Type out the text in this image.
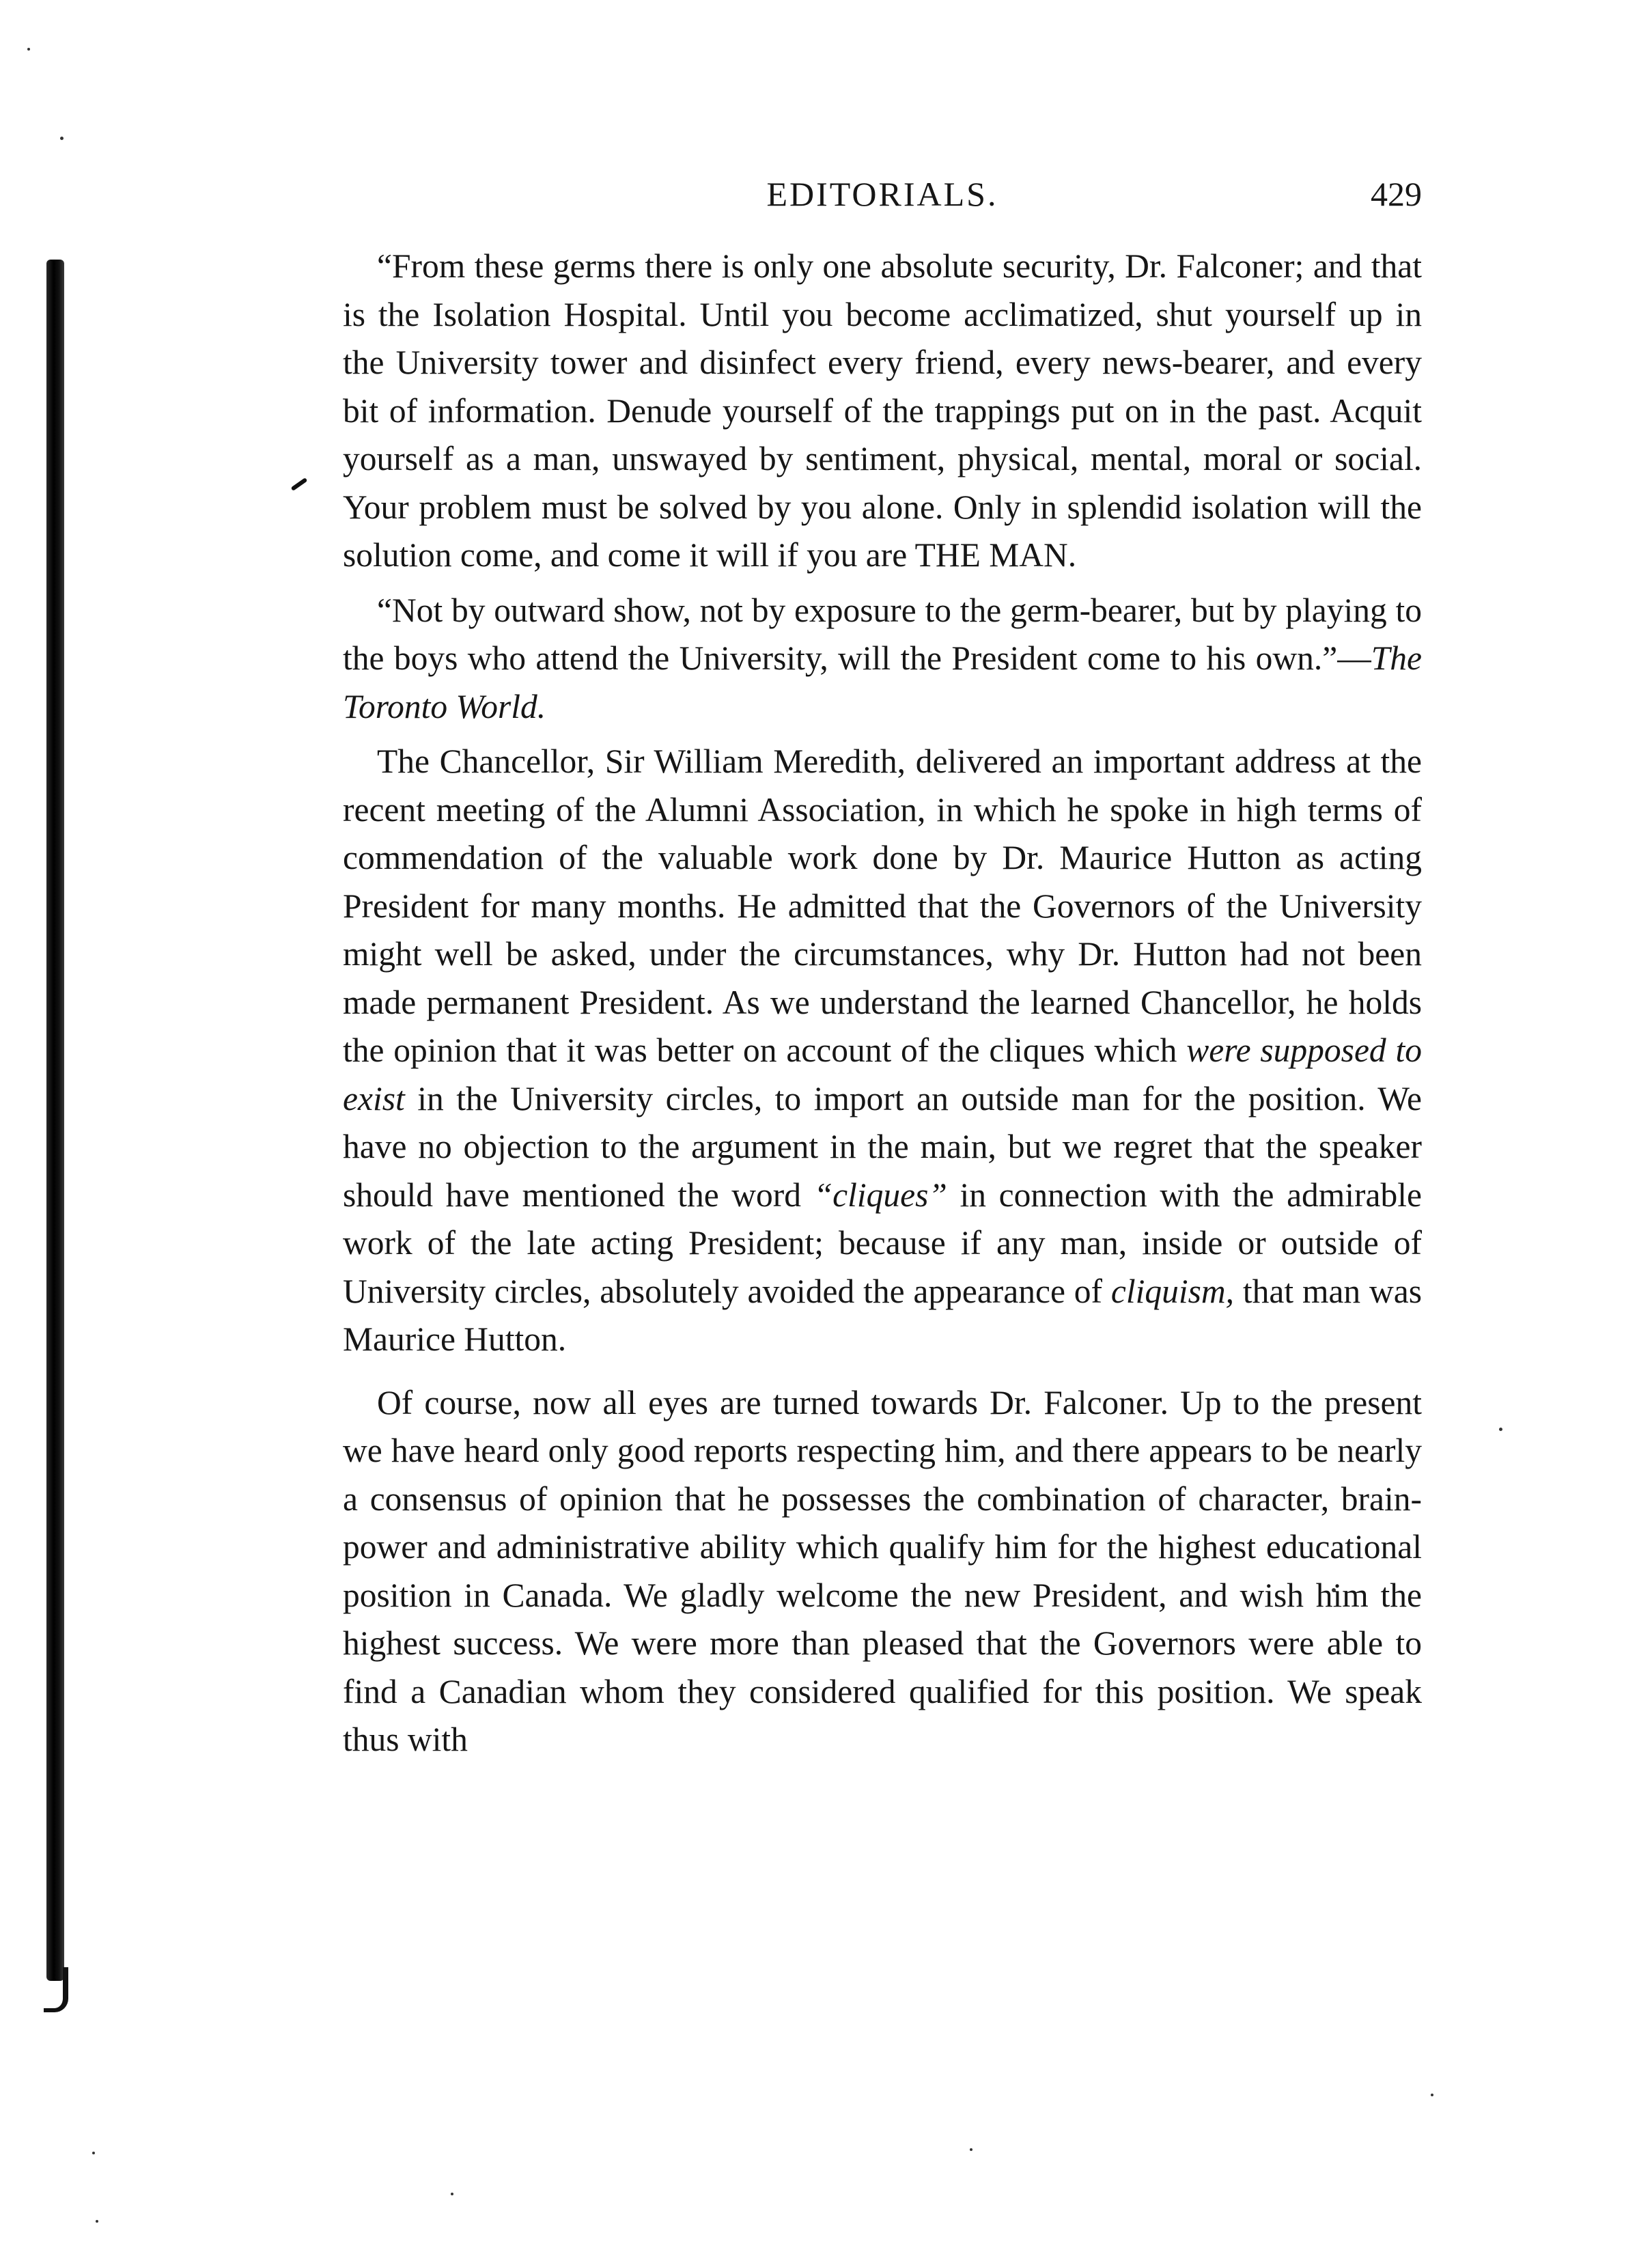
EDITORIALS.	429

“From these germs there is only one absolute security, Dr. Falconer; and that is the Isolation Hospital. Until you become acclimatized, shut yourself up in the University tower and disinfect every friend, every news-bearer, and every bit of information. Denude yourself of the trappings put on in the past. Acquit yourself as a man, unswayed by sentiment, physical, mental, moral or social. Your problem must be solved by you alone. Only in splendid isolation will the solution come, and come it will if you are THE MAN.

“Not by outward show, not by exposure to the germ-bearer, but by playing to the boys who attend the University, will the President come to his own.”—The Toronto World.

The Chancellor, Sir William Meredith, delivered an important address at the recent meeting of the Alumni Association, in which he spoke in high terms of commendation of the valuable work done by Dr. Maurice Hutton as acting President for many months. He admitted that the Governors of the University might well be asked, under the circumstances, why Dr. Hutton had not been made permanent President. As we understand the learned Chancellor, he holds the opinion that it was better on account of the cliques which were supposed to exist in the University circles, to import an outside man for the position. We have no objection to the argument in the main, but we regret that the speaker should have mentioned the word “cliques” in connection with the admirable work of the late acting President; because if any man, inside or outside of University circles, absolutely avoided the appearance of cliquism, that man was Maurice Hutton.

Of course, now all eyes are turned towards Dr. Falconer. Up to the present we have heard only good reports respecting him, and there appears to be nearly a consensus of opinion that he possesses the combination of character, brain-power and administrative ability which qualify him for the highest educational position in Canada. We gladly welcome the new President, and wish him the highest success. We were more than pleased that the Governors were able to find a Canadian whom they considered qualified for this position. We speak thus with
